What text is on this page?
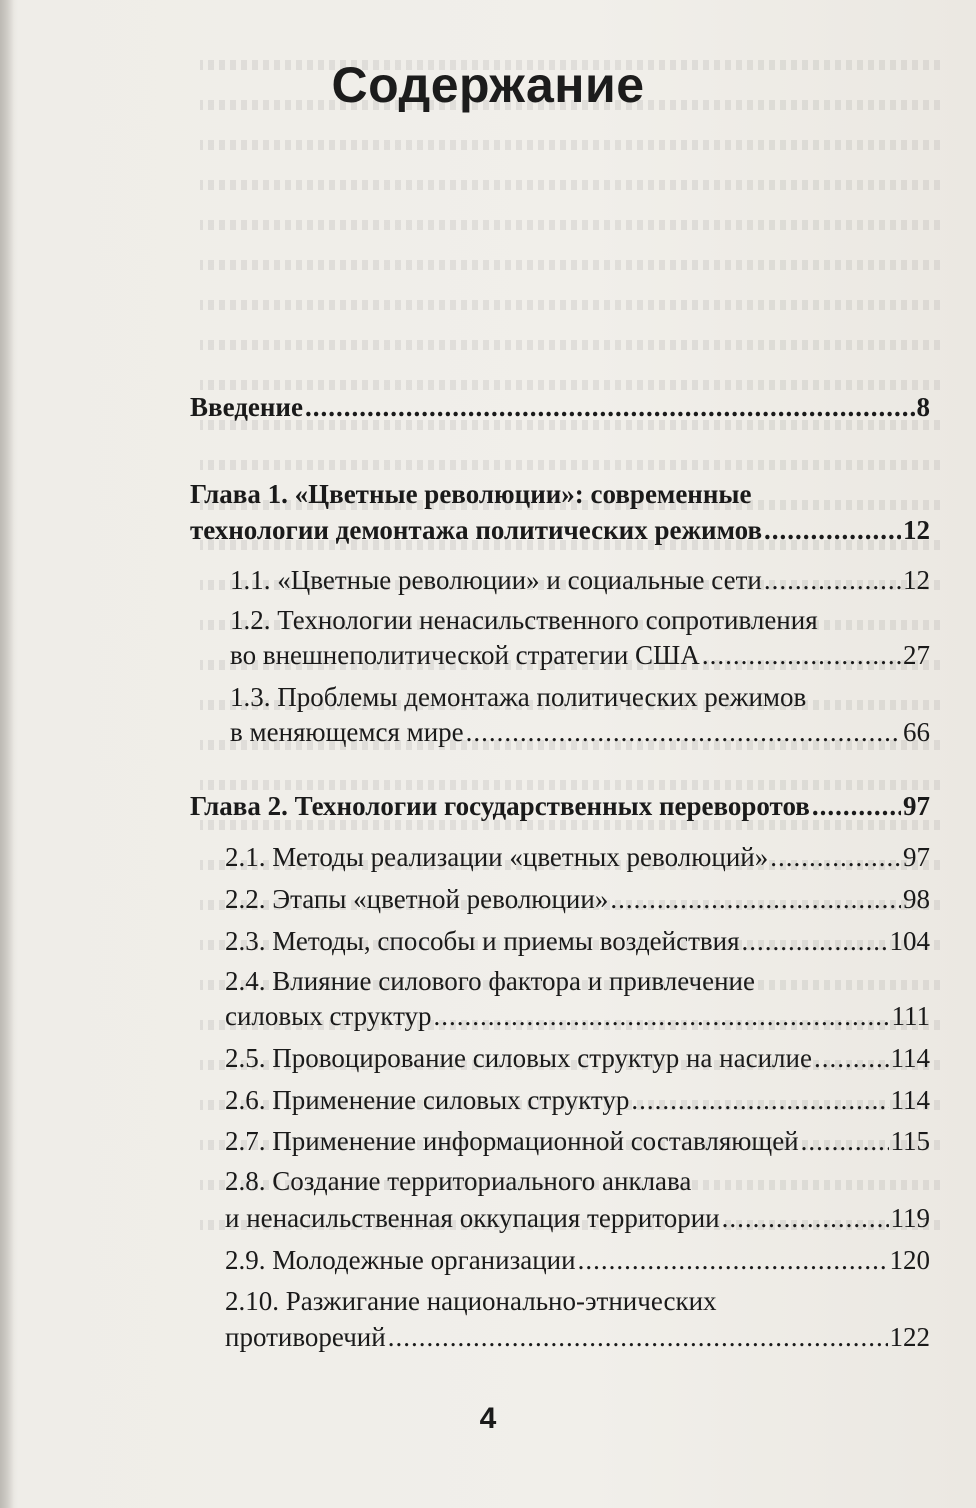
Содержание
Введение .....	8
Глава 1. «Цветные революции»: современные
технологии демонтажа политических режимов .....	12
1.1. «Цветные революции» и социальные сети .....	12
1.2. Технологии ненасильственного сопротивления
во внешнеполитической стратегии США .....	27
1.3. Проблемы демонтажа политических режимов
в меняющемся мире .....	66
Глава 2. Технологии государственных переворотов .....	97
2.1. Методы реализации «цветных революций» .....	97
2.2. Этапы «цветной революции» .....	98
2.3. Методы, способы и приемы воздействия .....	104
2.4. Влияние силового фактора и привлечение
силовых структур .....	111
2.5. Провоцирование силовых структур на насилие .....	114
2.6. Применение силовых структур .....	114
2.7. Применение информационной составляющей .....	115
2.8. Создание территориального анклава
и ненасильственная оккупация территории .....	119
2.9. Молодежные организации .....	120
2.10. Разжигание национально-этнических
противоречий .....	122
4
